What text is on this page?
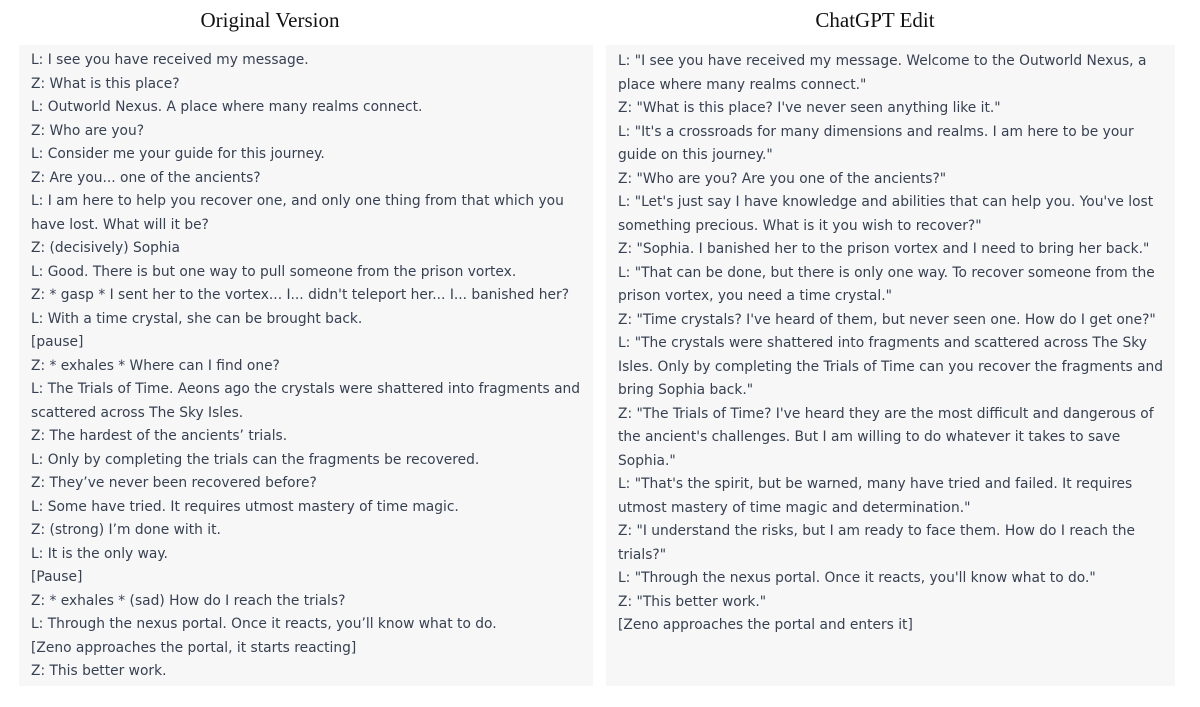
Original Version	ChatGPT Edit
L: I see you have received my message.
Z: What is this place?
L: Outworld Nexus. A place where many realms connect.
Z: Who are you?
L: Consider me your guide for this journey.
Z: Are you... one of the ancients?
L: I am here to help you recover one, and only one thing from that which you have lost. What will it be?
Z: (decisively) Sophia
L: Good. There is but one way to pull someone from the prison vortex.
Z: * gasp * I sent her to the vortex... I... didn't teleport her... I... banished her?
L: With a time crystal, she can be brought back.
[pause]
Z: * exhales * Where can I find one?
L: The Trials of Time. Aeons ago the crystals were shattered into fragments and scattered across The Sky Isles.
Z: The hardest of the ancients’ trials.
L: Only by completing the trials can the fragments be recovered.
Z: They’ve never been recovered before?
L: Some have tried. It requires utmost mastery of time magic.
Z: (strong) I’m done with it.
L: It is the only way.
[Pause]
Z: * exhales * (sad) How do I reach the trials?
L: Through the nexus portal. Once it reacts, you’ll know what to do.
[Zeno approaches the portal, it starts reacting]
Z: This better work.
L: "I see you have received my message. Welcome to the Outworld Nexus, a place where many realms connect."
Z: "What is this place? I've never seen anything like it."
L: "It's a crossroads for many dimensions and realms. I am here to be your guide on this journey."
Z: "Who are you? Are you one of the ancients?"
L: "Let's just say I have knowledge and abilities that can help you. You've lost something precious. What is it you wish to recover?"
Z: "Sophia. I banished her to the prison vortex and I need to bring her back."
L: "That can be done, but there is only one way. To recover someone from the prison vortex, you need a time crystal."
Z: "Time crystals? I've heard of them, but never seen one. How do I get one?"
L: "The crystals were shattered into fragments and scattered across The Sky Isles. Only by completing the Trials of Time can you recover the fragments and bring Sophia back."
Z: "The Trials of Time? I've heard they are the most difficult and dangerous of the ancient's challenges. But I am willing to do whatever it takes to save Sophia."
L: "That's the spirit, but be warned, many have tried and failed. It requires utmost mastery of time magic and determination."
Z: "I understand the risks, but I am ready to face them. How do I reach the trials?"
L: "Through the nexus portal. Once it reacts, you'll know what to do."
Z: "This better work."
[Zeno approaches the portal and enters it]
